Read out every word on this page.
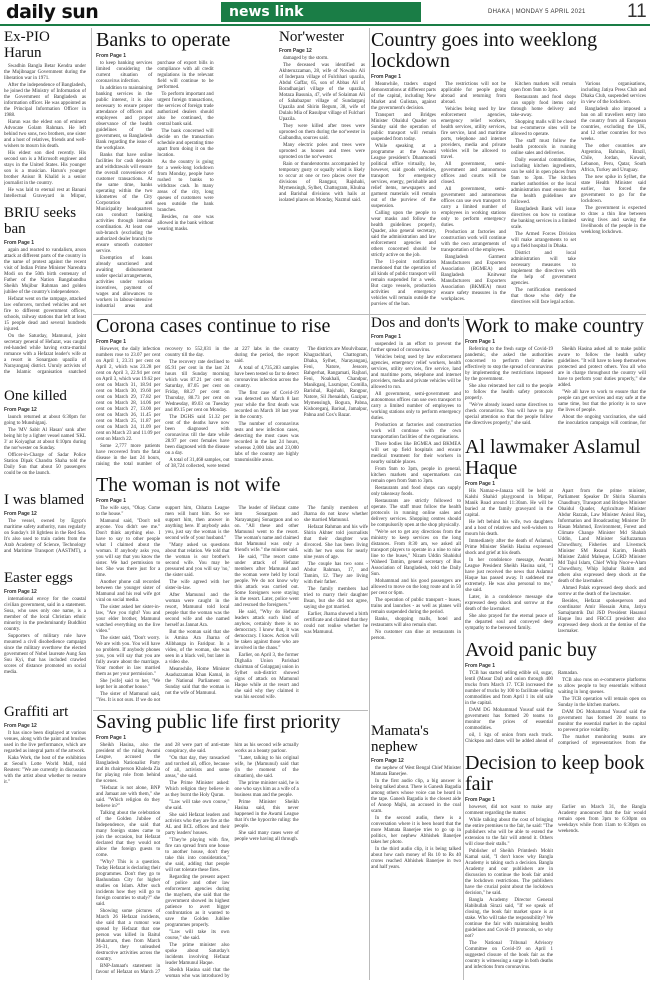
daily sun	news link	DHAKA | MONDAY 5 APRIL 2021 11
Ex-PIO Harun

Swadhin Bangla Betar Kendra under the Mujibnagar Government during the liberation war in 1971.

After the independence of Bangladesh, he joined the Ministry of Information of the Government of Bangladesh as information officer. He was appointed as the Principal Information Officer in 1988.

Harun was the eldest son of eminent Advocate Golam Rahman. He left behind two sons, two brothers, one sister and a host of relatives, friends and well-wishers to mourn his death.

His eldest son died recently. His second son is a Microsoft engineer and stays in the United States. His younger son is a musician. Harun's younger brother Anisur R Khalid is a senior journalist in the country.

He was laid to eternal rest at Banani Intellectual Graveyard in Mirpur,

Banks to operate
From Page 1

to keep banking services limited considering the current situation of coronavirus infection.

In addition to maintaining banking services in the public interest, it is also necessary to ensure proper attendance of officers and employees and proper observance of the health guidelines of the government, so Bangladesh Bank regarding the issue of the workplace.

Banks that have online facilities for cash deposits and withdrawals will ensure the overall convenience of customer transactions. At the same time, banks operating within the two kilometres of the City Corporation and Municipality headquarters can conduct banking activities through internal coordination. At least one sub-branch (excluding the authorized dealer branch) to ensure smooth customer service.

Exemption of loans already sanctioned and awaiting disbursement under special arrangements, activities under various incentives, payment of wages and allowances to workers in labour-intensive industrial areas and purchase of export bills in compliance with all credit regulations in the relevant field will continue to be performed.

To perform important and urgent foreign transactions, the services of foreign trade authorized dealers should also be continued, the central bank said.

The bank concerned will decide on the transaction schedule and operating time apart from doing it on the location.

As the country is going for a week-long lockdown from Monday, people have rushed to banks to withdraw cash. In many areas of the city, long queues of customers were seen outside the bank branches.

Besides, no one was allowed in the bank without wearing masks.

Nor'wester
From Page 12

damaged by the storm.

The deceased was identified as Akhteruzzaman, 28, wife of Nowabu Ali of Inderpara village of Fulchhari upazila, Abdul Gaffar, 65, son of Abbas Ali of Boradhanjari village of the upazila, Motaza Basunia, 47, wife of Solaiman Ali of Sahabazpur village of Sundarganj Upazila and Shirin Begum, 38, wife of Dulalu Mia of Rasulpur village of Fulchari Upazila.

They were killed after trees were uprooted on them during the nor'wester in Gaibandha, sources said.

Many electric poles and trees were uprooted as houses and trees were uprooted on the nor'wester.

Rain or thunderstorms accompanied by temporary gusty or squally wind is likely to occur at one or two places over the divisions of Rangpur, Rajshahi, Mymensingh, Sylhet, Chattogram, Khulna and Barishal divisions with hails at isolated places on Monday, Nazmul said.

Country goes into weeklong lockdown
From Page 1

Meanwhile, traders staged demonstrations at different parts of the capital, including New Market and Gulistan, against the government's decision.

Transport and Bridges Minister Obaidul Quader on Sunday said the operation of public transport will remain suspended from today.

While speaking at a programme at the Awami League president's Dhanmondi political office virtually, he, however, said goods vehicles, transport for emergency services, energy, perishable and relief items, newspapers and garment materials will remain out of the purview of the suspension.

Calling upon the people to wear masks and follow the health guidelines properly, Quader, also general secretary, said the administration and law enforcement agencies and others concerned should be strictly active on the job.

The 11-point notification mentioned that the operation of all kinds of public transport will remain suspended for a week. But cargo vessels, production activities and emergency vehicles will remain outside the purview of the ban.

The restrictions will not be applicable for people going abroad and returning from abroad.

Vehicles being used by law enforcement agencies, emergency relief workers, health services, utility services, fire service, land and maritime ports, telephone and internet providers, media and private vehicles will be allowed to travel.

All government, semi-government and autonomous offices and courts will be closed.

All government, semi-government and autonomous offices can use own transport to carry a limited number of employees in working stations only to perform emergency duties.

Production at factories and construction work will continue with the own arrangements of transportation of the employees.

Bangladesh Garment Manufacturers and Exporters Association (BGMEA) and Bangladesh Knitwear Manufacturers and Exporters Association (BKMEA) must ensure safety measures in the workplaces.

Kitchen markets will remain open from 9am to 3pm.

Restaurants and food shops can supply food items only through home delivery and take-away.

Shopping malls will be closed but e-commerce sites will be allowed to operate.

The staff must follow the health protocols in running online sales and deliveries.

Daily essential commodities, including kitchen ingredients, can be sold in open places from 9am to 3pm. The kitchen market authorities or the local administration must ensure that the health guidelines are followed.

Bangladesh Bank will issue directives on how to continue the banking services in a limited scale.

The Armed Forces Division will make arrangements to set up a field hospital in Dhaka.

District and local administration will take necessary measures to implement the directives with the help of government agencies.

The notification mentioned that those who defy the directives will face legal action.

Various organisations, including Jatiya Press Club and Dhaka Club, suspended services in view of the lockdown.

Bangladesh also imposed a ban on all travellers entry into the country from all European countries, excluding the UK, and 12 other countries for two weeks.

The other countries are Argentina, Bahrain, Brazil, Chile, Jordan, Kuwait, Lebanon, Peru, Qatar, South Africa, Turkey and Uruguay.

The new spike in Sylhet, the state Health Minister said earlier, has forced the government to go for the lockdown.

The government is expected to draw a thin line between saving lives and saving the livelihoods of the people in the weeklong lockdown.

BRIU seeks ban
From Page 1

again and reacted to vandalism, arson attack at different parts of the country in the name of protest against the recent visit of Indian Prime Minister Narendra Modi on the 50th birth centenary of Father of the Nation Bangabandhu Sheikh Mujibur Rahman and golden jubilee of the country's independence.

Hefazat went on the rampage, attacked law enforcers, torched vehicles and set fire to different government offices, schools, railway stations that left at least 15 people dead and several hundreds injured.

On the Saturday, Mamunul, joint secretary general of Hefazat, was caught red-handed while having extra-marital romance with a Hefazat leader's wife at a resort in Sonargaon upazila of Narayanganj district. Unruly activists of the Islamic organisation snatched

One killed
From Page 12

launch returned at about 6:30pm for going to Munshiganj.

The 'MV Sabit Al Hasan' sank after being hit by a lighter vessel named 'SKL 3' at Koiyaghat at about 6:10pm during the nor'wester on Sunday.

Officer-in-Charge of Sadar Police Station Dipak Chandra Shaha told the Daily Sun that about 50 passengers could be on the launch.

I was blamed
From Page 12

The vessel, owned by Egypt's maritime safety authority, runs regularly on Sunday's 18 lightless in the Red Sea. It's also used to train cadets from the Arab Academy of Science, Technology and Maritime Transport (AASTMT), a

Easter eggs
From Page 12

international envoy for the coastal civilian government, said in a statement. Sosa, who uses only one name, is a member of the local Christian ethnic minority in the predominantly Buddhist country.

Supporters of military rule have mounted a civil disobedience campaign since the military overthrew the elected government of Nobel laureate Aung San Suu Kyi, that has included crawled scores of distance promoted on social media.

Graffiti art
From Page 12

It has since been displayed at various venues, along with the paint and brushes used in the live performance, which are regarded as integral parts of the artwork.

Kaka Work, the host of the exhibition at Seoul's Lotte World Mall, told Reuters: "We are currently in discussion with the artist about whether to restore it."

Corona cases continue to rise
From Page 1

However, the daily infection numbers rose to 23.07 per cent on April 1, 23.31 per cent on April 2, which was 23.28 per cent on April 3, 22.94 per cent on April 3, which was 19.62 per cent on March 31, 18.94 per cent on March 30, 19.60 per cent on March 29, 17.82 per cent on March 28, 14.06 per cent on March 27, 13.00 per cent on March 26, 11.45 per cent on March 25, 11.87 per cent on March 24, 11.09 per cent on March 23 and 11.09 per cent on March 22.

Some 2,777 more patients have recovered from the fatal disease in the last 24 hours, raising the total number of recovery to 552,031 in the country till the day.

The recovery rate declined to 85.91 per cent in the last 24 hours till Sunday morning which was 87.21 per cent on Saturday, 87.05 per cent on Friday, 88.27 per cent on Thursday, 88.73 per cent on Wednesday, 89.03 on Tuesday and 89.15 per cent on Monday.

The DGHS said 51.32 per cent of the deaths have now been diagnosed with coronavirus till the date while 28.97 per cent females have been diagnosed with the disease on a day.

A total of 31,468 samples, out of 38,724 collected, were tested at 227 labs in the country during the period, the report said.

A total of 4,735,283 samples have been tested so far to detect coronavirus infection across the country.

The first case of Covid-19 was detected on March 8 last year while the first death was recorded on March 18 last year in the country.

The number of coronavirus tests and new infection cases, detecting the most cases was recorded in the last 24 hours, whereas 2,000 labs and 23,000 labs of the country are highly transmissible areas.

The districts are Moulvibazar, Khagrachhari, Chattogram, Dhaka, Sylhet, Narayanganj, Feni, Natore, Jessore, Bahgerhat, Rangamati, Rajbari, Feni, Noakhali, Chandpur, Manikganj, Laxmipur, Comilla, Barishal, Rajshahi, Rangpur, Natore, Sil Jhenaidah, Gazipur, Mymensingh, Bogura, Pabna, Kishoreganj, Barisal, Jamalpur, Pabna and Cox's Bazar.

The woman is not wife
From Page 1

The wife says, "Okay. Come to the house."

Mamunul said, "Don't tell anyone. You didn't see me." Don't think anything else. I have to say to other people what I claimed about the woman. If anybody asks you, you will say that you know the sister. We had permission to her. She was there just for a time.

Another phone call recorded between the younger sister of Mamunul and his real wife got viral on social media.

The sister asked her sister-in-law, "Are you right? You and your elder brother, Mamunul watched everything on the live video."

The sister said, "Don't worry. We are with you. You will have no problem. If anybody phones you, you will say that you are fully aware about the marriage. Your mother in law married them as per your permission."

She [wife] said to her, "We kept her in another house."

The sister of Mamunul said, "Yes. It is not ours. If we do not support him, Chhatra League men will hunt him. So we support him, then answer in anything here. If anybody asks you, just say the woman is the second wife of your husband."

"Many asked us questions about that relation. We told that the woman is our brother's second wife. You may be pressured and you will say 'no,' the sister said.

The wife agreed with her sister-in-law.

After Mamunul and the woman were caught in the resort, Mamunul told local people that the woman was the second wife and she named herself as Jannat Ara.

But the woman said that she is Amina Ara Jharna of Alibhanga in Faridpur. In a video, of the woman, she was seen in a black veil, but later in a video she.

Meanwhile, Home Minister Asaduzzaman Khan Kamal, in the National Parliament on Sunday said that the woman is not the wife of Mamunul.

The leader of Hefazat came into Sonargaon and Narayanganj Sonargaon and so on. "All these and other Mamunul went to the resort. The woman's name and claimed that Mamunul was only a friend's wife." the minister said.

He said, "The resort came under attack of Hefazat members after Mamunul and the woman were held by local people. We do not know why this attack was carried out. Some foreigners were staying in the resort. Later, police went and rescued the foreigners."

He said, "Why do Hefazat leaders attack such kind of anyhow, certainly there is no democracy. I know that, it was democracy. I know. Action will be taken against those who are involved in the chaos."

Earlier, on April 3, the former Dighalia Union Parishad chairman of Golapganj union in Sylhet sub-district showed signs of attack on Mamunul Haque while at the resort and she said why they claimed it was his second wife.

The family members of Jharna do not know whether she married Mamunul.

Hefazat Rahman and his wife Shirin Akhter told journalists that their daughter was divorced. She has been living with her two sons for nearly nine years of age.

The couple has two sons - Abdur Rahman, 17, and Tamim, 12. They are living with their father.

The family members had tried to marry their daughter Ihsan, but she did not agree, saying she got married.

Earlier, Jharna showed a birth certificate and claimed that they could not realise whether he was Mamunul.

Dos and don'ts
From Page 1

suspended in an effort to prevent the further spread of coronavirus.

Vehicles being used by law enforcement agencies, emergency relief workers, health services, utility services, fire service, land and maritime ports, telephone and internet providers, media and private vehicles will be allowed to run.

All government, semi-government and autonomous offices can use own transport to carry a limited number of employees to working stations only to perform emergency duties.

Production at factories and construction work will continue with the own transportation facilities of the organisations.

There bodies like BGMEA and BKMEA will set up field hospitals and ensure medical treatment for their workers in nearby suitable places.

From 9am to 3pm, people in general, kitchen markets and supermarkets can remain open from 9am to 3pm.

Restaurants and food shops can supply only takeaway foods.

Restaurants are strictly followed to operate. The staff must follow the health protocols in running online sales and delivery services. Shopping centres should be compulsorily open at the shop physically.

"We're set to get any directions from the ministry to keep services on the long distances. From 8:30 am, we asked all transport players to operate in a nine to nine line to the buses," Nizam Uddin Shahidul Waheed Tamim, general secretary of Bus Association of Bangladesh, told the Daily Sun.

Mohammad and his good passengers are allowed to move on the long route and in 50 per cent or 6pm.

The operation of public transport - buses, trains and launches - as well as planes will remain suspended during the period.

Banks, shopping malls, hotel and restaurants will also remain shut.

No customer can dine at restaurants in person.

Mamata's nephew
From Page 12

the nephew of West Bengal Chief Minister Mamata Banerjee.

In the first audio clip, a big answer is being talked about. There is Ganesh Bagadia among others whose voice can be heard in the tape. Ganesh Bagadia is the closest aide of Anoop Majhi, an accused in the coal scam.

In the second audio, there is a conversation where it is been heard that the more Mamata Banerjee tries to go up in politics, her nephew Abhishek Banerjee takes her photo.

In the third audio clip, it is being talked about how cash money of Rs 10 to Rs 40 crores reached Abhishek Banerjee in two and half years.

Saving public life first priority
From Page 1

Sheikh Hasina, also the president of the ruling Awami League, accused the Bangladesh Nationalist Party and its chairperson Khaleda Zia for playing role from behind the scenes.

"Hefazat is not alone, BNP and Jamaat are with them," she said. "Which religion do they believe in?"

Talking about the celebration of the Golden Jubilee of Independence, she said that many foreign states came to join the occasion, but Hefazat declared that they would not allow the foreign guests to come.

"Why? This is a question. Today Hefazat is declaring their programmes. Don't they go to Bashundara City for higher studies on Islam. After such incidents how they will go to foreign countries to study?" she said.

Showing some pictures of March 26 Hefazat incidents, she said that a rumour was spread by Hefazat that one person was killed in Baitul Mukarram, then from March 26-31, they unleashed destructive activities across the country.

BNP-Jamaat's statement in favour of Hefazat on March 27 and 28 were part of anti-state conspiracy, she said.

"On that day, they ransacked and torched all, office, because of all, activists and some areas," she said.

The Prime Minister asked: Which religion they believe in as they burnt the Holy Quran.

"Law will take own course," she said.

She said Hefazat leaders and activists who they are fire at the AL and BCL offices and their party leaders' houses.

"They're playing with fire, fire can spread from one house to another house, don't they take this into consideration," she said, adding that people will not tolerate these fires.

Regarding the present aspect of police and other law enforcement agencies during the mayhem, she said that the government showed its highest patience to avert bigger confrontation as it wanted to save the Golden Jubilee programmes properly.

"Law will take its own course," she said.

The prime minister also spoke about Saturday's incidents involving Hefazat leader Mamunul Haque.

Sheikh Hasina said that the woman who was introduced by him as his second wife actually works as a beauty parlour.

"Later, talking to his original wife, he (Mamunul) said that (in the moment of the situation), she said.

The prime minister said, he is one who says him as a wife of a business man and the people.

Prime Minister Sheikh Hasina said, this never happened in the Awami League that it's the hypocrite ruling: the people.

She said many cases were of people were having all through.

Work to make country
From Page 1

Referring to the fresh surge of Covid-19 pandemic, she asked the authorities concerned to perform their duties effectively to stop the spread of coronavirus by implementing the restrictions imposed by the government.

She also reiterated her call to the people to follow the health safety protocols properly.

"We've already issued some directives to check coronavirus. You will have to pay special attention so that the people follow the directives properly," she said.

Sheikh Hasina asked all to make public aware to follow the health safety guidelines. "It will have to keep themselves protected and protect others. You all who are in charge throughout the country will have to perform your duties properly," she added.

"We all have to work to ensure that the people can get services and stay safe at the same time, but that the priority is to save the lives of people.

About the ongoing vaccination, she said the inoculation campaign will continue, for

Al lawmaker Aslamul Haque
From Page 1

His Namaz-e-Janaza will be held at Kalshi Shahid playground in Mirpur, Manik Road around 11:30am. He will be buried at the family graveyard in the capital.

He left behind his wife, two daughters and a host of relatives and well-wishers to mourn his death.

Immediately after the death of Aslamul, Prime Minister Sheikh Hasina expressed shock and grief at his death.

In her condolence message, Awami League President Sheikh Hasina said, "I have just received the news that Aslamul Haque has passed away. It saddened me extremely. He was also personal to me," she said.

Later, in a condolence message she expressed deep shock and sorrow at the death of the lawmaker.

She also prayed for the eternal peace of the departed soul and conveyed deep sympathy to the bereaved family.

Apart from the prime minister, Parliament Speaker Dr Shirin Sharmin Chaudhury, Transport and Bridges Minister Obaidul Quader, Agriculture Minister Abdur Razzak, Law Minister Anisul Huq, Information and Broadcasting Minister Dr Hasan Mahmud, Environment, Forest and Climate Change Minister Md Shahab Uddin, Land Minister Saifuzzaman Chowdhury, Fisheries and Livestock Minister SM Rezaul Karim, Health Minister Zahid Maleque, LGRD Minister Md Tajul Islam, Chief Whip Noor-e-Alam Chowdhury, Whip Iqbalur Rahim and others also expressed deep shock at the death of the lawmaker.

Ahmed Palak expressed deep shock and sorrow at the death of the lawmaker.

Besides, Hefazat spokesperson and coordinator Amir Hossain Amu, Jatiya Samajtantrik Dal JSD President Hasanul Haque Inu and FBCCI president also expressed deep shock at the demise of the lawmaker.

Avoid panic buy
From Page 1

TCB has started selling edible oil, sugar, lentil (Masur Dal) and onion through 400 trucks from March 17. TCB increased the number of trucks by 100 to facilitate selling commodities and from April 1 its old sale in the capital.

DAM DG Mohammad Yousuf said the government has formed 20 teams to monitor the prices of essential commodities.

oil, 1 kgs of onion from each truck. Chickpea and dates will be added ahead of Ramadan.

TCB also runs on e-commerce platforms to allow people to buy essentials without waiting in long queues.

The TCB operation will remain open on Sunday in the kitchen markets.

DAM DG Mohammad Yousuf said the government has formed 20 teams to monitor the essential market in the capital to prevent price volatility.

The market monitoring teams are comprised of representatives from the

Decision to keep book fair
From Page 1

however, did not want to make any comment regarding the matter.

While talking about the cost of bringing the entire premises to the fair, he said: "The publishers who will be able to extend the extension to the fair will attend it. Others will close their stalls."

Publisher of Sheikh Printdesh Mohit Kamal said, "I don't know why Bangla Academy is taking such a decision. Bangla Academy and our publishers are in discussion to continue the book fair amid the lockdown restrictions. The publishers have the crucial point about the lockdown decision," he said.

Bangla Academy Director General Habibullah Sirazi said, "If we speak of closing, the book fair market space is at stake. Who will take the responsibility? We continue the fair with maintaining health guidelines and Covid-19 protocols, so why not?

The National Tribunal Advisory Committee on Covid-19 on April 1 suggested closure of the book fair as the country is witnessing a surge in both deaths and infections from coronavirus.

Earlier on March 31, the Bangla Academy announced that the fair would remain open from 3pm to 6:30pm on weekdays while from 11am to 6:30pm on weekends.
